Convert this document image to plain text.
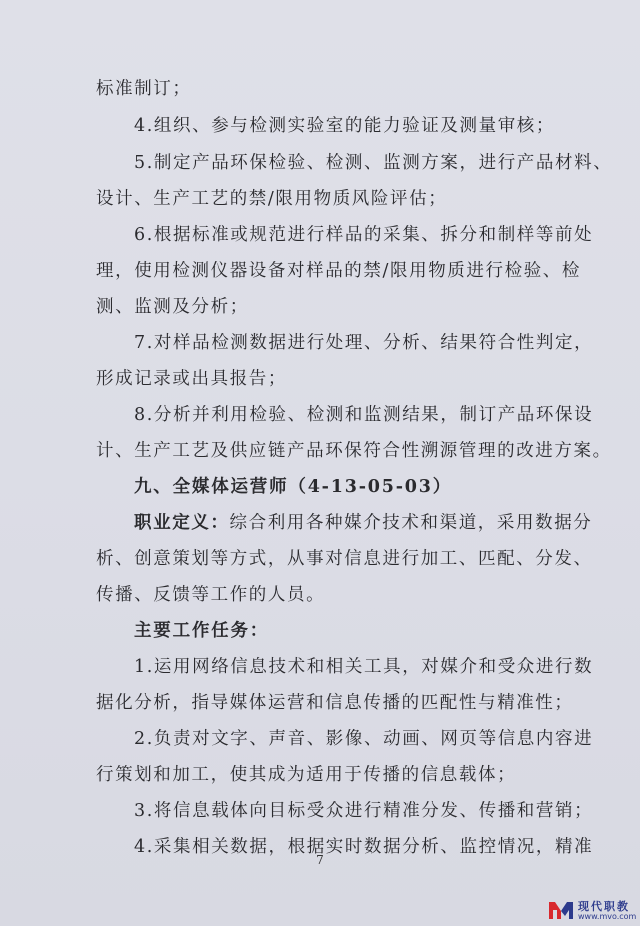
标准制订；
4.组织、参与检测实验室的能力验证及测量审核；
5.制定产品环保检验、检测、监测方案，进行产品材料、
设计、生产工艺的禁/限用物质风险评估；
6.根据标准或规范进行样品的采集、拆分和制样等前处
理，使用检测仪器设备对样品的禁/限用物质进行检验、检
测、监测及分析；
7.对样品检测数据进行处理、分析、结果符合性判定，
形成记录或出具报告；
8.分析并利用检验、检测和监测结果，制订产品环保设
计、生产工艺及供应链产品环保符合性溯源管理的改进方案。
九、全媒体运营师（4-13-05-03）
职业定义：综合利用各种媒介技术和渠道，采用数据分
析、创意策划等方式，从事对信息进行加工、匹配、分发、
传播、反馈等工作的人员。
主要工作任务：
1.运用网络信息技术和相关工具，对媒介和受众进行数
据化分析，指导媒体运营和信息传播的匹配性与精准性；
2.负责对文字、声音、影像、动画、网页等信息内容进
行策划和加工，使其成为适用于传播的信息载体；
3.将信息载体向目标受众进行精准分发、传播和营销；
4.采集相关数据，根据实时数据分析、监控情况，精准
7
现代职教
www.mvo.com
